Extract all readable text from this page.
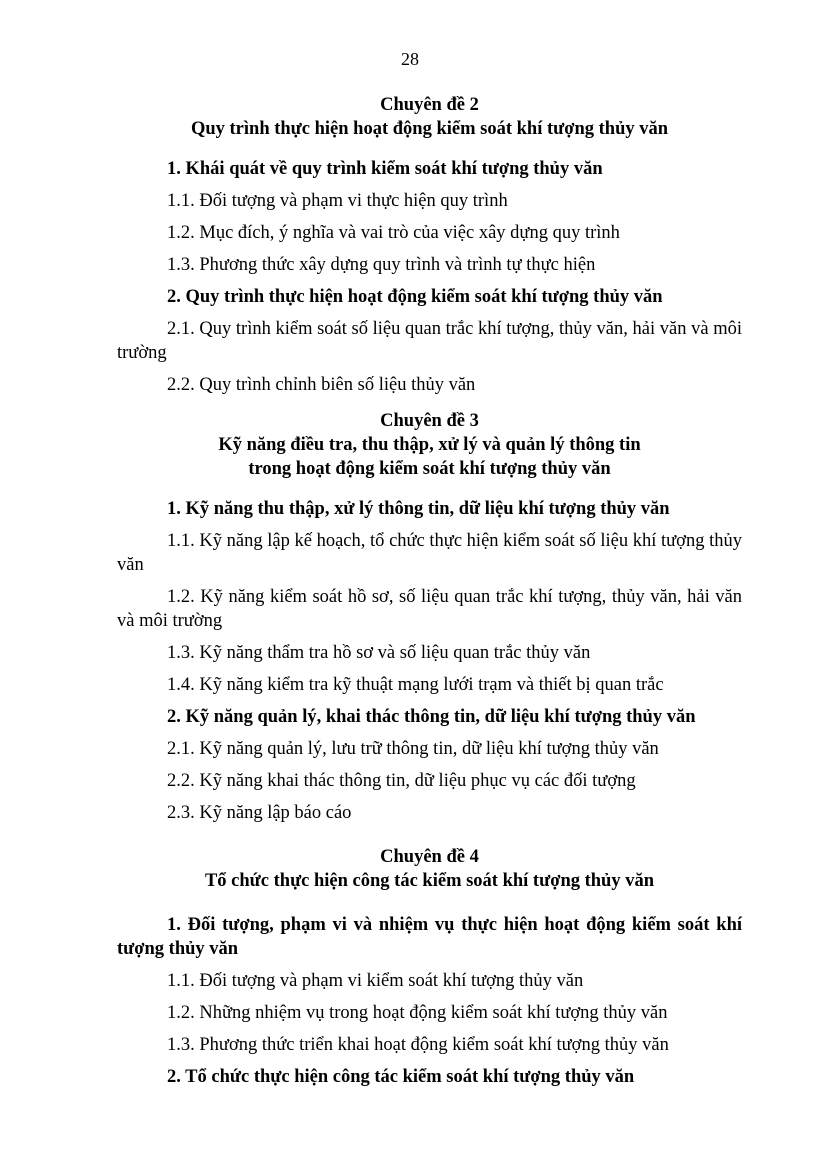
28
Chuyên đề 2
Quy trình thực hiện hoạt động kiểm soát khí tượng thủy văn
1. Khái quát về quy trình kiểm soát khí tượng thủy văn
1.1. Đối tượng và phạm vi thực hiện quy trình
1.2. Mục đích, ý nghĩa và vai trò của việc xây dựng quy trình
1.3. Phương thức xây dựng quy trình và trình tự thực hiện
2. Quy trình thực hiện hoạt động kiểm soát khí tượng thủy văn
2.1. Quy trình kiểm soát số liệu quan trắc khí tượng, thủy văn, hải văn và môi trường
2.2. Quy trình chỉnh biên số liệu thủy văn
Chuyên đề 3
Kỹ năng điều tra, thu thập, xử lý và quản lý thông tin
trong hoạt động kiểm soát khí tượng thủy văn
1. Kỹ năng thu thập, xử lý thông tin, dữ liệu khí tượng thủy văn
1.1. Kỹ năng lập kế hoạch, tổ chức thực hiện kiểm soát số liệu khí tượng thủy văn
1.2. Kỹ năng kiểm soát hồ sơ, số liệu quan trắc khí tượng, thủy văn, hải văn và môi trường
1.3. Kỹ năng thẩm tra hồ sơ và số liệu quan trắc thủy văn
1.4. Kỹ năng kiểm tra kỹ thuật mạng lưới trạm và thiết bị quan trắc
2. Kỹ năng quản lý, khai thác thông tin, dữ liệu khí tượng thủy văn
2.1. Kỹ năng quản lý, lưu trữ thông tin, dữ liệu khí tượng thủy văn
2.2. Kỹ năng khai thác thông tin, dữ liệu phục vụ các đối tượng
2.3. Kỹ năng lập báo cáo
Chuyên đề 4
Tổ chức thực hiện công tác kiểm soát khí tượng thủy văn
1. Đối tượng, phạm vi và nhiệm vụ thực hiện hoạt động kiểm soát khí tượng thủy văn
1.1. Đối tượng và phạm vi kiểm soát khí tượng thủy văn
1.2. Những nhiệm vụ trong hoạt động kiểm soát khí tượng thủy văn
1.3. Phương thức triển khai hoạt động kiểm soát khí tượng thủy văn
2. Tổ chức thực hiện công tác kiểm soát khí tượng thủy văn
